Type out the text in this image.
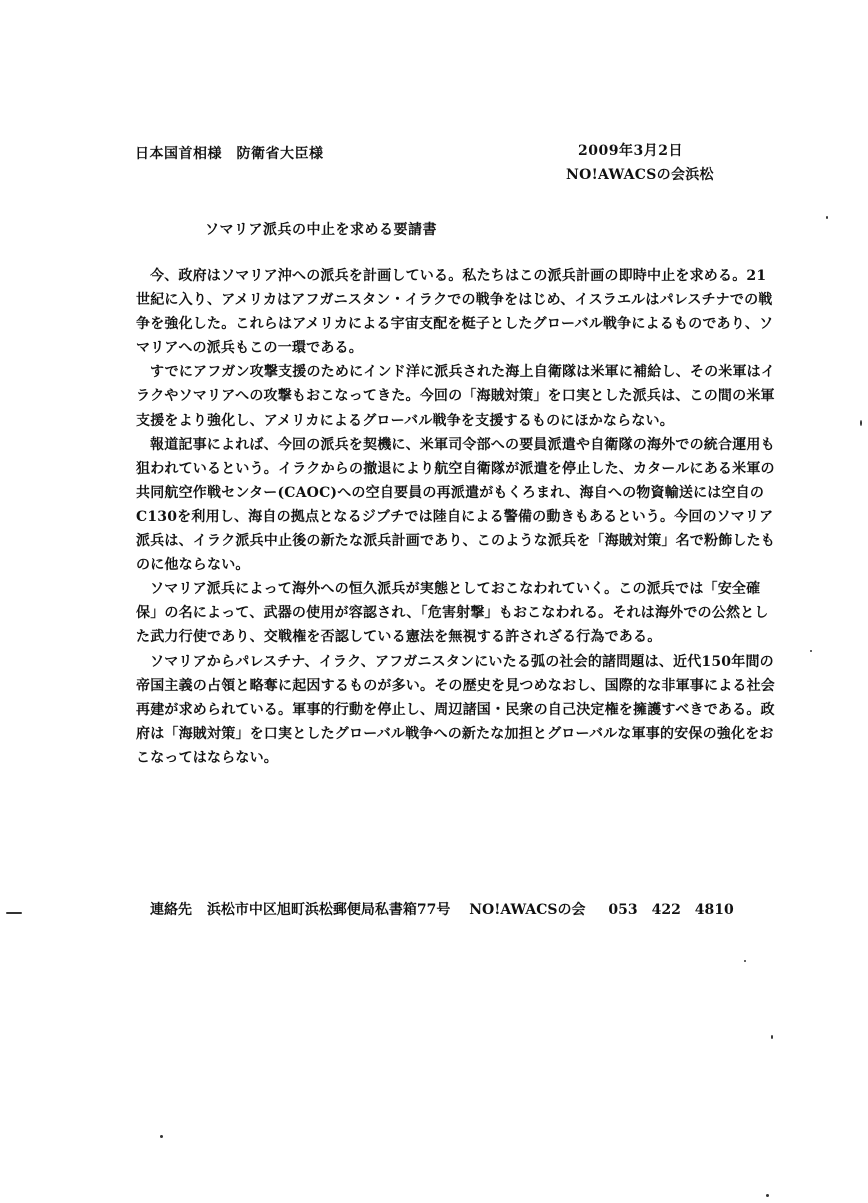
日本国首相様　防衛省大臣様	2009年3月2日
NO!AWACSの会浜松
ソマリア派兵の中止を求める要請書

今、政府はソマリア沖への派兵を計画している。私たちはこの派兵計画の即時中止を求める。21世紀に入り、アメリカはアフガニスタン・イラクでの戦争をはじめ、イスラエルはパレスチナでの戦争を強化した。これらはアメリカによる宇宙支配を梃子としたグローバル戦争によるものであり、ソマリアへの派兵もこの一環である。

すでにアフガン攻撃支援のためにインド洋に派兵された海上自衛隊は米軍に補給し、その米軍はイラクやソマリアへの攻撃もおこなってきた。今回の「海賊対策」を口実とした派兵は、この間の米軍支援をより強化し、アメリカによるグローバル戦争を支援するものにほかならない。

報道記事によれば、今回の派兵を契機に、米軍司令部への要員派遣や自衛隊の海外での統合運用も狙われているという。イラクからの撤退により航空自衛隊が派遣を停止した、カタールにある米軍の共同航空作戦センター(CAOC)への空自要員の再派遣がもくろまれ、海自への物資輸送には空自のC130を利用し、海自の拠点となるジブチでは陸自による警備の動きもあるという。今回のソマリア派兵は、イラク派兵中止後の新たな派兵計画であり、このような派兵を「海賊対策」名で粉飾したものに他ならない。

ソマリア派兵によって海外への恒久派兵が実態としておこなわれていく。この派兵では「安全確保」の名によって、武器の使用が容認され、「危害射撃」もおこなわれる。それは海外での公然とした武力行使であり、交戦権を否認している憲法を無視する許されざる行為である。

ソマリアからパレスチナ、イラク、アフガニスタンにいたる弧の社会的諸問題は、近代150年間の帝国主義の占領と略奪に起因するものが多い。その歴史を見つめなおし、国際的な非軍事による社会再建が求められている。軍事的行動を停止し、周辺諸国・民衆の自己決定権を擁護すべきである。政府は「海賊対策」を口実としたグローバル戦争への新たな加担とグローバルな軍事的安保の強化をおこなってはならない。

連絡先 浜松市中区旭町浜松郵便局私書箱77号 NO!AWACSの会 053　422　4810
